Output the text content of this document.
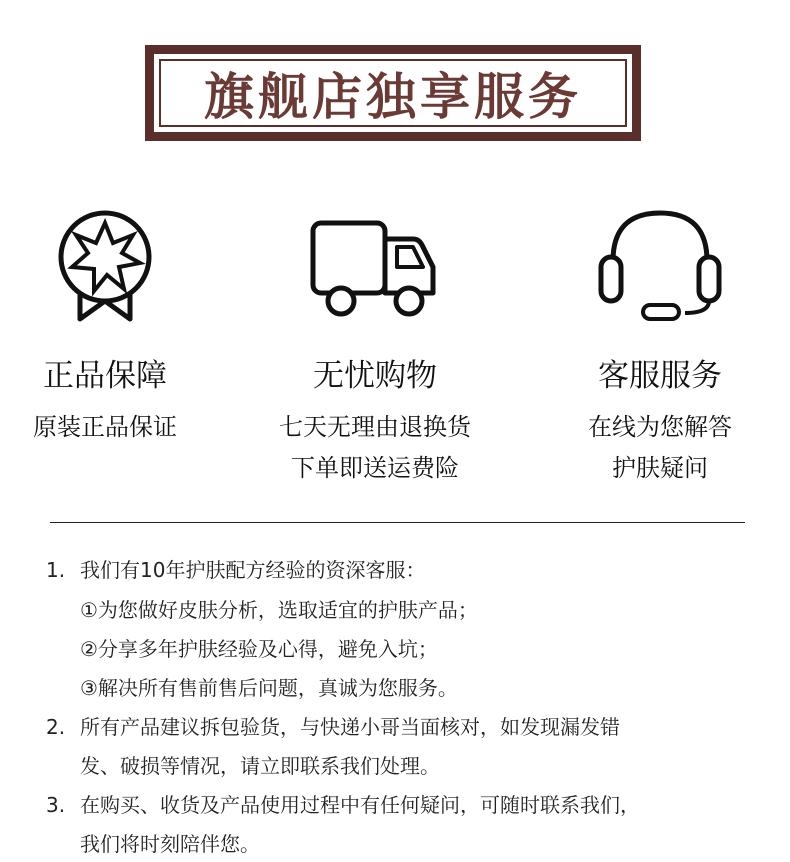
旗舰店独享服务
正品保障
原装正品保证
无忧购物
七天无理由退换货
下单即送运费险
客服服务
在线为您解答
护肤疑问
1. 我们有10年护肤配方经验的资深客服：
①为您做好皮肤分析，选取适宜的护肤产品；
②分享多年护肤经验及心得，避免入坑；
③解决所有售前售后问题，真诚为您服务。
2. 所有产品建议拆包验货，与快递小哥当面核对，如发现漏发错
发、破损等情况，请立即联系我们处理。
3. 在购买、收货及产品使用过程中有任何疑问，可随时联系我们，
我们将时刻陪伴您。
